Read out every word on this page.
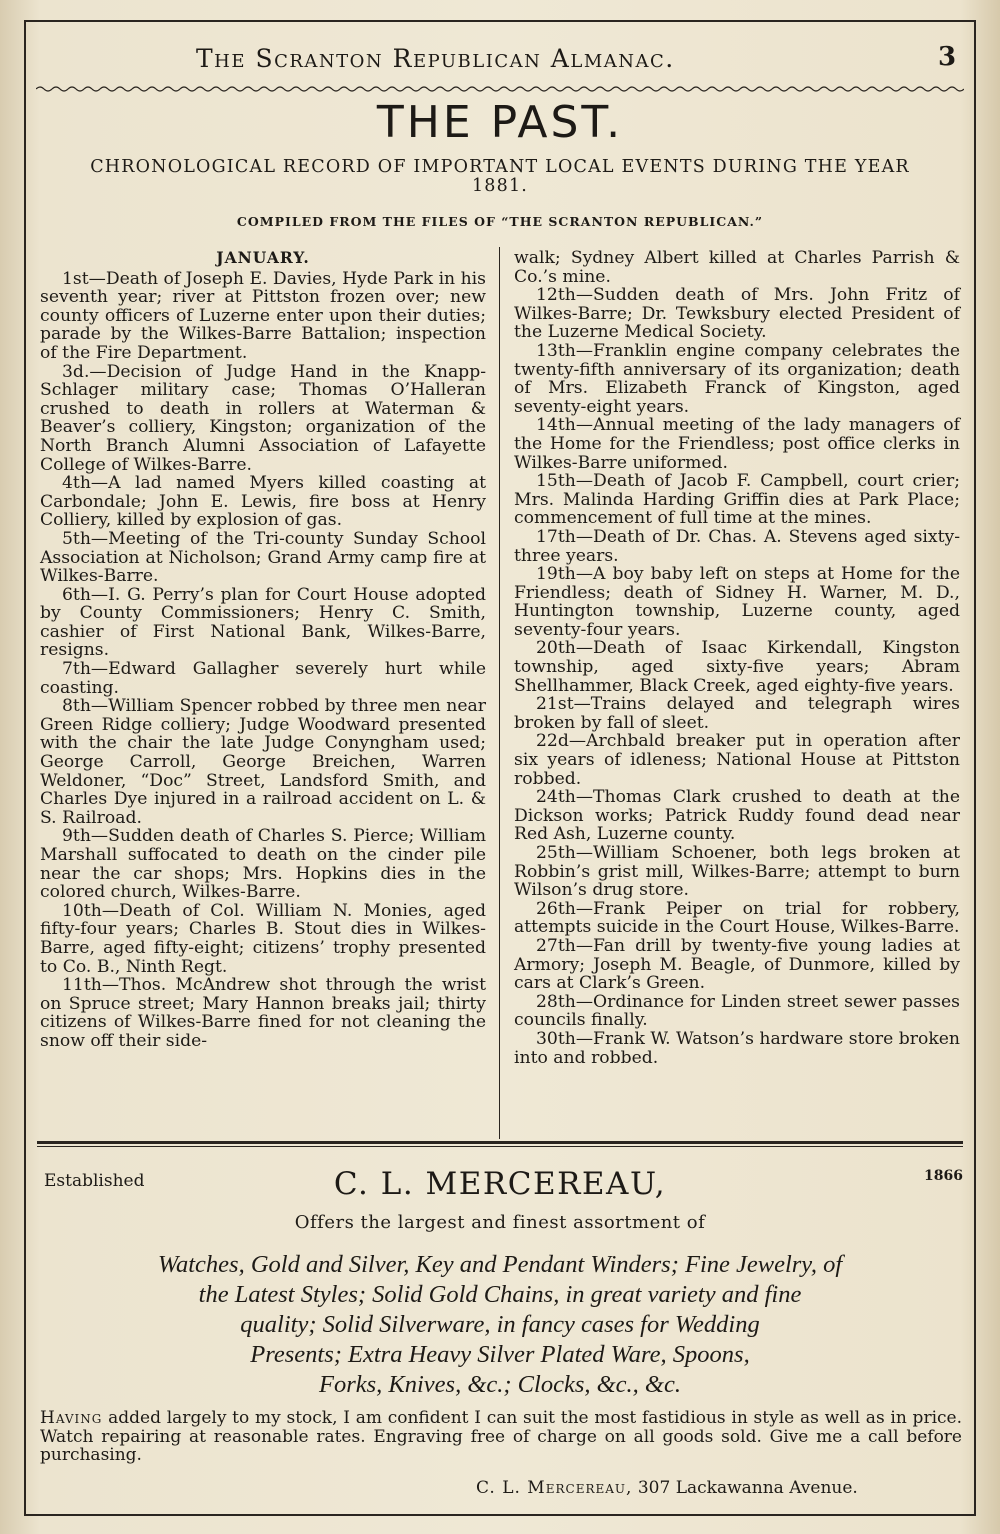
The Scranton Republican Almanac.	3
THE PAST.
CHRONOLOGICAL RECORD OF IMPORTANT LOCAL EVENTS DURING THE YEAR 1881.
COMPILED FROM THE FILES OF “THE SCRANTON REPUBLICAN.”

JANUARY.

1st—Death of Joseph E. Davies, Hyde Park in his seventh year; river at Pittston frozen over; new county officers of Luzerne enter upon their duties; parade by the Wilkes-Barre Battalion; inspection of the Fire Department.

3d.—Decision of Judge Hand in the Knapp-Schlager military case; Thomas O’Halleran crushed to death in rollers at Waterman & Beaver’s colliery, Kingston; organization of the North Branch Alumni Association of Lafayette College of Wilkes-Barre.

4th—A lad named Myers killed coasting at Carbondale; John E. Lewis, fire boss at Henry Colliery, killed by explosion of gas.

5th—Meeting of the Tri-county Sunday School Association at Nicholson; Grand Army camp fire at Wilkes-Barre.

6th—I. G. Perry’s plan for Court House adopted by County Commissioners; Henry C. Smith, cashier of First National Bank, Wilkes-Barre, resigns.

7th—Edward Gallagher severely hurt while coasting.

8th—William Spencer robbed by three men near Green Ridge colliery; Judge Woodward presented with the chair the late Judge Conyngham used; George Carroll, George Breichen, Warren Weldoner, “Doc” Street, Landsford Smith, and Charles Dye injured in a railroad accident on L. & S. Railroad.

9th—Sudden death of Charles S. Pierce; William Marshall suffocated to death on the cinder pile near the car shops; Mrs. Hopkins dies in the colored church, Wilkes-Barre.

10th—Death of Col. William N. Monies, aged fifty-four years; Charles B. Stout dies in Wilkes-Barre, aged fifty-eight; citizens’ trophy presented to Co. B., Ninth Regt.

11th—Thos. McAndrew shot through the wrist on Spruce street; Mary Hannon breaks jail; thirty citizens of Wilkes-Barre fined for not cleaning the snow off their side-

walk; Sydney Albert killed at Charles Parrish & Co.’s mine.

12th—Sudden death of Mrs. John Fritz of Wilkes-Barre; Dr. Tewksbury elected President of the Luzerne Medical Society.

13th—Franklin engine company celebrates the twenty-fifth anniversary of its organization; death of Mrs. Elizabeth Franck of Kingston, aged seventy-eight years.

14th—Annual meeting of the lady managers of the Home for the Friendless; post office clerks in Wilkes-Barre uniformed.

15th—Death of Jacob F. Campbell, court crier; Mrs. Malinda Harding Griffin dies at Park Place; commencement of full time at the mines.

17th—Death of Dr. Chas. A. Stevens aged sixty-three years.

19th—A boy baby left on steps at Home for the Friendless; death of Sidney H. Warner, M. D., Huntington township, Luzerne county, aged seventy-four years.

20th—Death of Isaac Kirkendall, Kingston township, aged sixty-five years; Abram Shellhammer, Black Creek, aged eighty-five years.

21st—Trains delayed and telegraph wires broken by fall of sleet.

22d—Archbald breaker put in operation after six years of idleness; National House at Pittston robbed.

24th—Thomas Clark crushed to death at the Dickson works; Patrick Ruddy found dead near Red Ash, Luzerne county.

25th—William Schoener, both legs broken at Robbin’s grist mill, Wilkes-Barre; attempt to burn Wilson’s drug store.

26th—Frank Peiper on trial for robbery, attempts suicide in the Court House, Wilkes-Barre.

27th—Fan drill by twenty-five young ladies at Armory; Joseph M. Beagle, of Dunmore, killed by cars at Clark’s Green.

28th—Ordinance for Linden street sewer passes councils finally.

30th—Frank W. Watson’s hardware store broken into and robbed.

Established	1866
C. L. MERCEREAU,
Offers the largest and finest assortment of
Watches, Gold and Silver, Key and Pendant Winders; Fine Jewelry, of
the Latest Styles; Solid Gold Chains, in great variety and fine
quality; Solid Silverware, in fancy cases for Wedding
Presents; Extra Heavy Silver Plated Ware, Spoons,
Forks, Knives, &c.; Clocks, &c., &c.
Having added largely to my stock, I am confident I can suit the most fastidious in style as well as in price. Watch repairing at reasonable rates. Engraving free of charge on all goods sold. Give me a call before purchasing.
C. L. Mercereau, 307 Lackawanna Avenue.
